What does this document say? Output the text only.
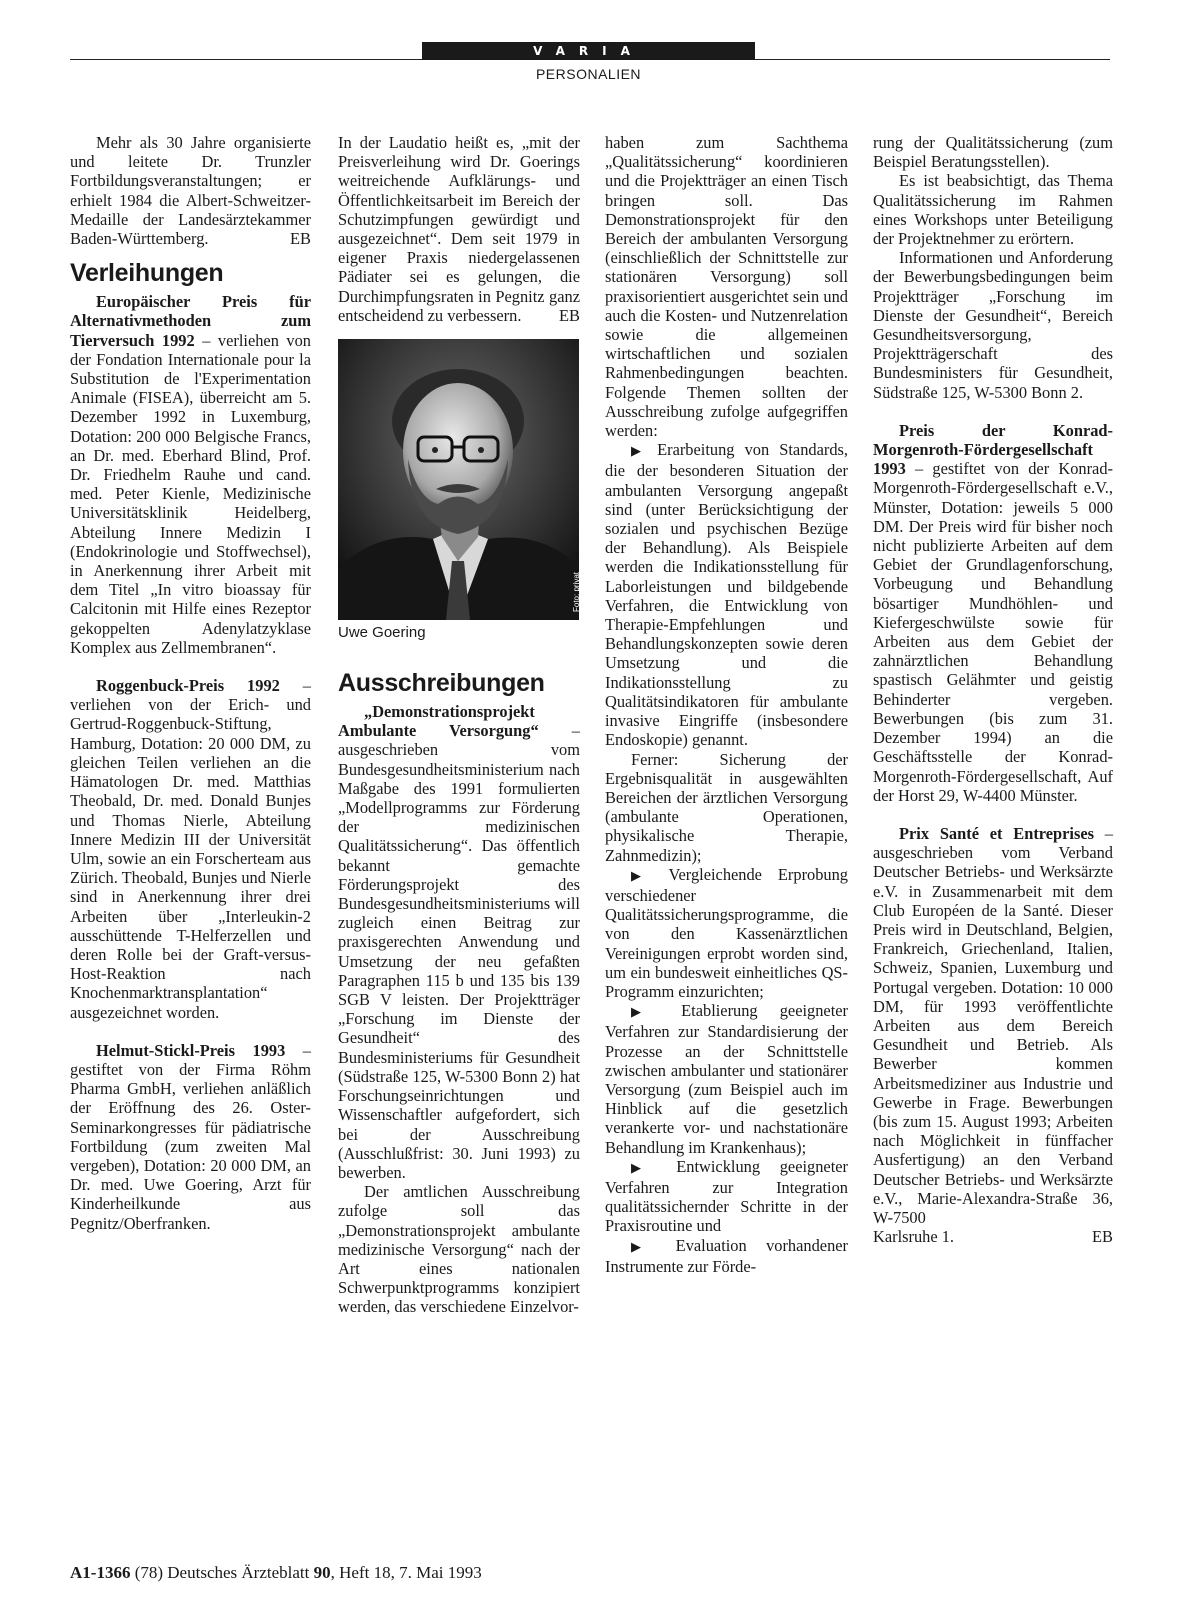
VARIA
PERSONALIEN

Mehr als 30 Jahre organisierte und leitete Dr. Trunzler Fortbildungsveranstaltungen; er erhielt 1984 die Albert-Schweitzer-Medaille der Landesärztekammer Baden-Württemberg.	EB

Verleihungen

Europäischer Preis für Alternativmethoden zum Tierversuch 1992 – verliehen von der Fondation Internationale pour la Substitution de l'Experimentation Animale (FISEA), überreicht am 5. Dezember 1992 in Luxemburg, Dotation: 200 000 Belgische Francs, an Dr. med. Eberhard Blind, Prof. Dr. Friedhelm Rauhe und cand. med. Peter Kienle, Medizinische Universitätsklinik Heidelberg, Abteilung Innere Medizin I (Endokrinologie und Stoffwechsel), in Anerkennung ihrer Arbeit mit dem Titel „In vitro bioassay für Calcitonin mit Hilfe eines Rezeptor gekoppelten Adenylatzyklase Komplex aus Zellmembranen“.

Roggenbuck-Preis 1992 – verliehen von der Erich- und Gertrud-Roggenbuck-Stiftung, Hamburg, Dotation: 20 000 DM, zu gleichen Teilen verliehen an die Hämatologen Dr. med. Matthias Theobald, Dr. med. Donald Bunjes und Thomas Nierle, Abteilung Innere Medizin III der Universität Ulm, sowie an ein Forscherteam aus Zürich. Theobald, Bunjes und Nierle sind in Anerkennung ihrer drei Arbeiten über „Interleukin-2 ausschüttende T-Helferzellen und deren Rolle bei der Graft-versus-Host-Reaktion nach Knochenmarktransplantation“ ausgezeichnet worden.

Helmut-Stickl-Preis 1993 – gestiftet von der Firma Röhm Pharma GmbH, verliehen anläßlich der Eröffnung des 26. Oster-Seminarkongresses für pädiatrische Fortbildung (zum zweiten Mal vergeben), Dotation: 20 000 DM, an Dr. med. Uwe Goering, Arzt für Kinderheilkunde aus Pegnitz/Oberfranken.

In der Laudatio heißt es, „mit der Preisverleihung wird Dr. Goerings weitreichende Aufklärungs- und Öffentlichkeitsarbeit im Bereich der Schutzimpfungen gewürdigt und ausgezeichnet“. Dem seit 1979 in eigener Praxis niedergelassenen Pädiater sei es gelungen, die Durchimpfungsraten in Pegnitz ganz entscheidend zu verbessern. EB

Foto: privat
Uwe Goering
Ausschreibungen

„Demonstrationsprojekt Ambulante Versorgung“ – ausgeschrieben vom Bundesgesundheitsministerium nach Maßgabe des 1991 formulierten „Modellprogramms zur Förderung der medizinischen Qualitätssicherung“. Das öffentlich bekannt gemachte Förderungsprojekt des Bundesgesundheitsministeriums will zugleich einen Beitrag zur praxisgerechten Anwendung und Umsetzung der neu gefaßten Paragraphen 115 b und 135 bis 139 SGB V leisten. Der Projektträger „Forschung im Dienste der Gesundheit“ des Bundesministeriums für Gesundheit (Südstraße 125, W-5300 Bonn 2) hat Forschungseinrichtungen und Wissenschaftler aufgefordert, sich bei der Ausschreibung (Ausschlußfrist: 30. Juni 1993) zu bewerben.

Der amtlichen Ausschreibung zufolge soll das „Demonstrationsprojekt ambulante medizinische Versorgung“ nach der Art eines nationalen Schwerpunktprogramms konzipiert werden, das verschiedene Einzelvor-

haben zum Sachthema „Qualitätssicherung“ koordinieren und die Projektträger an einen Tisch bringen soll. Das Demonstrationsprojekt für den Bereich der ambulanten Versorgung (einschließlich der Schnittstelle zur stationären Versorgung) soll praxisorientiert ausgerichtet sein und auch die Kosten- und Nutzenrelation sowie die allgemeinen wirtschaftlichen und sozialen Rahmenbedingungen beachten. Folgende Themen sollten der Ausschreibung zufolge aufgegriffen werden:

▶ Erarbeitung von Standards, die der besonderen Situation der ambulanten Versorgung angepaßt sind (unter Berücksichtigung der sozialen und psychischen Bezüge der Behandlung). Als Beispiele werden die Indikationsstellung für Laborleistungen und bildgebende Verfahren, die Entwicklung von Therapie-Empfehlungen und Behandlungskonzepten sowie deren Umsetzung und die Indikationsstellung zu Qualitätsindikatoren für ambulante invasive Eingriffe (insbesondere Endoskopie) genannt.

Ferner: Sicherung der Ergebnisqualität in ausgewählten Bereichen der ärztlichen Versorgung (ambulante Operationen, physikalische Therapie, Zahnmedizin);

▶ Vergleichende Erprobung verschiedener Qualitätssicherungsprogramme, die von den Kassenärztlichen Vereinigungen erprobt worden sind, um ein bundesweit einheitliches QS-Programm einzurichten;

▶ Etablierung geeigneter Verfahren zur Standardisierung der Prozesse an der Schnittstelle zwischen ambulanter und stationärer Versorgung (zum Beispiel auch im Hinblick auf die gesetzlich verankerte vor- und nachstationäre Behandlung im Krankenhaus);

▶ Entwicklung geeigneter Verfahren zur Integration qualitätssichernder Schritte in der Praxisroutine und

▶ Evaluation vorhandener Instrumente zur Förde-

rung der Qualitätssicherung (zum Beispiel Beratungsstellen).

Es ist beabsichtigt, das Thema Qualitätssicherung im Rahmen eines Workshops unter Beteiligung der Projektnehmer zu erörtern.

Informationen und Anforderung der Bewerbungsbedingungen beim Projektträger „Forschung im Dienste der Gesundheit“, Bereich Gesundheitsversorgung, Projektträgerschaft des Bundesministers für Gesundheit, Südstraße 125, W-5300 Bonn 2.

Preis der Konrad-Morgenroth-Fördergesellschaft 1993 – gestiftet von der Konrad-Morgenroth-Fördergesellschaft e.V., Münster, Dotation: jeweils 5 000 DM. Der Preis wird für bisher noch nicht publizierte Arbeiten auf dem Gebiet der Grundlagenforschung, Vorbeugung und Behandlung bösartiger Mundhöhlen- und Kiefergeschwülste sowie für Arbeiten aus dem Gebiet der zahnärztlichen Behandlung spastisch Gelähmter und geistig Behinderter vergeben. Bewerbungen (bis zum 31. Dezember 1994) an die Geschäftsstelle der Konrad-Morgenroth-Fördergesellschaft, Auf der Horst 29, W-4400 Münster.

Prix Santé et Entreprises – ausgeschrieben vom Verband Deutscher Betriebs- und Werksärzte e.V. in Zusammenarbeit mit dem Club Européen de la Santé. Dieser Preis wird in Deutschland, Belgien, Frankreich, Griechenland, Italien, Schweiz, Spanien, Luxemburg und Portugal vergeben. Dotation: 10 000 DM, für 1993 veröffentlichte Arbeiten aus dem Bereich Gesundheit und Betrieb. Als Bewerber kommen Arbeitsmediziner aus Industrie und Gewerbe in Frage. Bewerbungen (bis zum 15. August 1993; Arbeiten nach Möglichkeit in fünffacher Ausfertigung) an den Verband Deutscher Betriebs- und Werksärzte e.V., Marie-Alexandra-Straße 36, W-7500

Karlsruhe 1.	EB

A1-1366 (78) Deutsches Ärzteblatt 90, Heft 18, 7. Mai 1993
